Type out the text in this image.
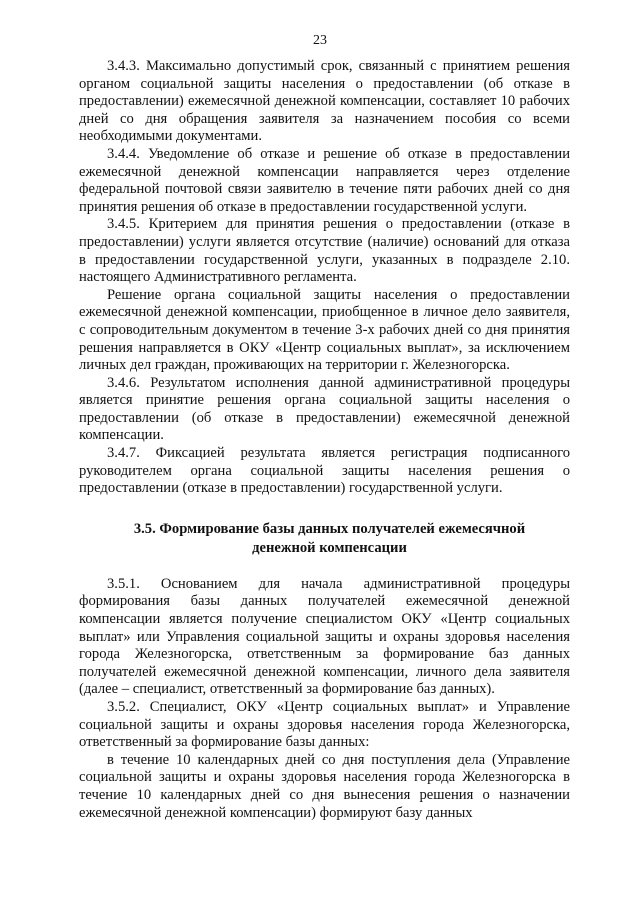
23

3.4.3. Максимально допустимый срок, связанный с принятием решения органом социальной защиты населения о предоставлении (об отказе в предоставлении) ежемесячной денежной компенсации, составляет 10 рабочих дней со дня обращения заявителя за назначением пособия со всеми необходимыми документами.

3.4.4. Уведомление об отказе и решение об отказе в предоставлении ежемесячной денежной компенсации направляется через отделение федеральной почтовой связи заявителю в течение пяти рабочих дней со дня принятия решения об отказе в предоставлении государственной услуги.

3.4.5. Критерием для принятия решения о предоставлении (отказе в предоставлении) услуги является отсутствие (наличие) оснований для отказа в предоставлении государственной услуги, указанных в подразделе 2.10. настоящего Административного регламента.

Решение органа социальной защиты населения о предоставлении ежемесячной денежной компенсации, приобщенное в личное дело заявителя, с сопроводительным документом в течение 3-х рабочих дней со дня принятия решения направляется в ОКУ «Центр социальных выплат», за исключением личных дел граждан, проживающих на территории г. Железногорска.

3.4.6. Результатом исполнения данной административной процедуры является принятие решения органа социальной защиты населения о предоставлении (об отказе в предоставлении) ежемесячной денежной компенсации.

3.4.7. Фиксацией результата является регистрация подписанного руководителем органа социальной защиты населения решения о предоставлении (отказе в предоставлении) государственной услуги.

3.5. Формирование базы данных получателей ежемесячной денежной компенсации

3.5.1. Основанием для начала административной процедуры формирования базы данных получателей ежемесячной денежной компенсации является получение специалистом ОКУ «Центр социальных выплат» или Управления социальной защиты и охраны здоровья населения города Железногорска, ответственным за формирование баз данных получателей ежемесячной денежной компенсации, личного дела заявителя (далее – специалист, ответственный за формирование баз данных).

3.5.2. Специалист, ОКУ «Центр социальных выплат» и Управление социальной защиты и охраны здоровья населения города Железногорска, ответственный за формирование базы данных:

в течение 10 календарных дней со дня поступления дела (Управление социальной защиты и охраны здоровья населения города Железногорска в течение 10 календарных дней со дня вынесения решения о назначении ежемесячной денежной компенсации) формируют базу данных
